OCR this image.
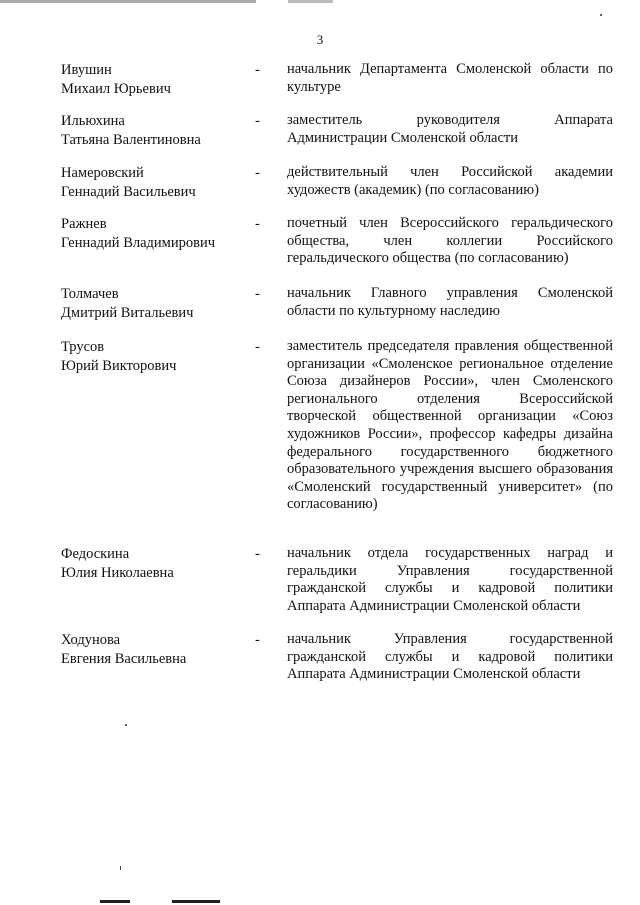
3
Ивушин
Михаил Юрьевич
- начальник Департамента Смоленской области по культуре
Ильюхина
Татьяна Валентиновна
- заместитель руководителя Аппарата Администрации Смоленской области
Намеровский
Геннадий Васильевич
- действительный член Российской академии художеств (академик) (по согласованию)
Ражнев
Геннадий Владимирович
- почетный член Всероссийского геральдического общества, член коллегии Российского геральдического общества (по согласованию)
Толмачев
Дмитрий Витальевич
- начальник Главного управления Смоленской области по культурному наследию
Трусов
Юрий Викторович
- заместитель председателя правления общественной организации «Смоленское региональное отделение Союза дизайнеров России», член Смоленского регионального отделения Всероссийской творческой общественной организации «Союз художников России», профессор кафедры дизайна федерального государственного бюджетного образовательного учреждения высшего образования «Смоленский государственный университет» (по согласованию)
Федоскина
Юлия Николаевна
- начальник отдела государственных наград и геральдики Управления государственной гражданской службы и кадровой политики Аппарата Администрации Смоленской области
Ходунова
Евгения Васильевна
- начальник Управления государственной гражданской службы и кадровой политики Аппарата Администрации Смоленской области
